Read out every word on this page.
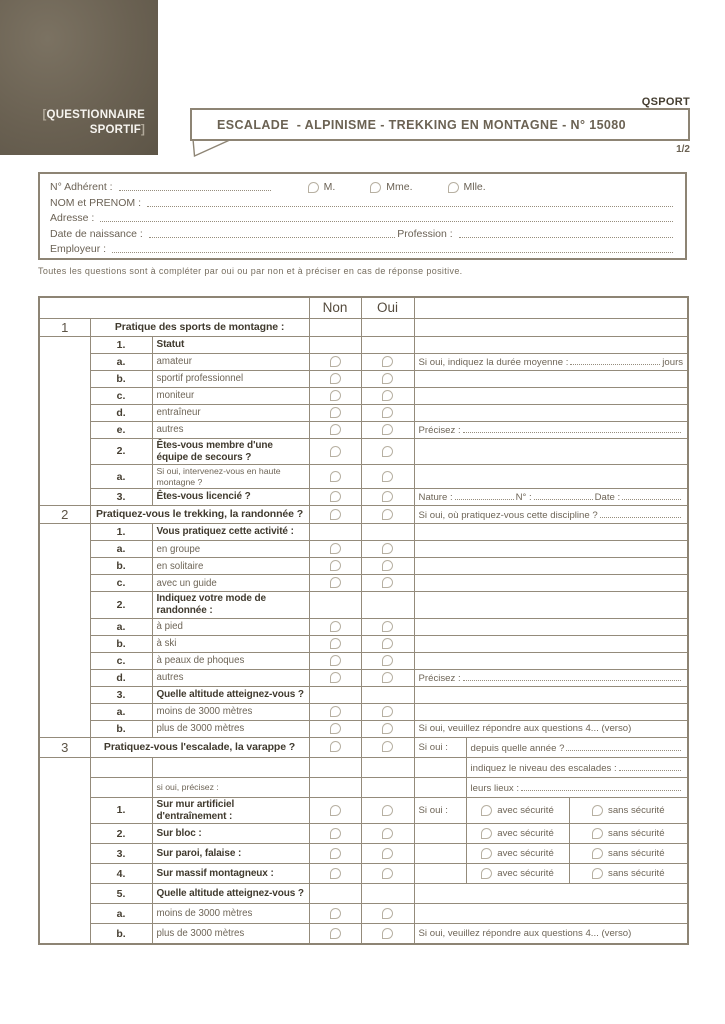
[QUESTIONNAIRE
SPORTIF]
QSPORT
ESCALADE  - ALPINISME - TREKKING EN MONTAGNE - N° 15080
1/2
N° Adhérent :	M.	Mme.	Mlle.
NOM et PRENOM :
Adresse :
Date de naissance :	Profession :
Employeur :
Toutes les questions sont à compléter par oui ou par non et à préciser en cas de réponse positive.
			Non	Oui			
1	Pratique des sports de montagne :						
	1.	Statut					
	a.	amateur			Si oui, indiquez la durée moyenne : jours		

	b.	sportif professionnel					
	c.	moniteur					
	d.	entraîneur					
	e.	autres			Précisez :		

	2.	Êtes-vous membre d'une équipe de secours ?					
	a.	Si oui, intervenez-vous en haute montagne ?					
	3.	Êtes-vous licencié ?			Nature : N° : Date :		

2	Pratiquez-vous le trekking, la randonnée ?				Si oui, où pratiquez-vous cette discipline ?		

	1.	Vous pratiquez cette activité :					
	a.	en groupe					
	b.	en solitaire					
	c.	avec un guide					
	2.	Indiquez votre mode de randonnée :					
	a.	à pied					
	b.	à ski					
	c.	à peaux de phoques					
	d.	autres			Précisez :		

	3.	Quelle altitude atteignez-vous ?					
	a.	moins de 3000 mètres					
	b.	plus de 3000 mètres			Si oui, veuillez répondre aux questions 4... (verso)		

3	Pratiquez-vous l'escalade, la varappe ?				Si oui :	depuis quelle année ?	

						indiquez le niveau des escalades :	

		si oui, précisez :				leurs lieux :	

	1.	Sur mur artificiel d'entraînement :			Si oui :	avec sécurité	sans sécurité
	2.	Sur bloc :				avec sécurité	sans sécurité
	3.	Sur paroi, falaise :				avec sécurité	sans sécurité
	4.	Sur massif montagneux :				avec sécurité	sans sécurité
	5.	Quelle altitude atteignez-vous ?					
	a.	moins de 3000 mètres					
	b.	plus de 3000 mètres			Si oui, veuillez répondre aux questions 4... (verso)		
